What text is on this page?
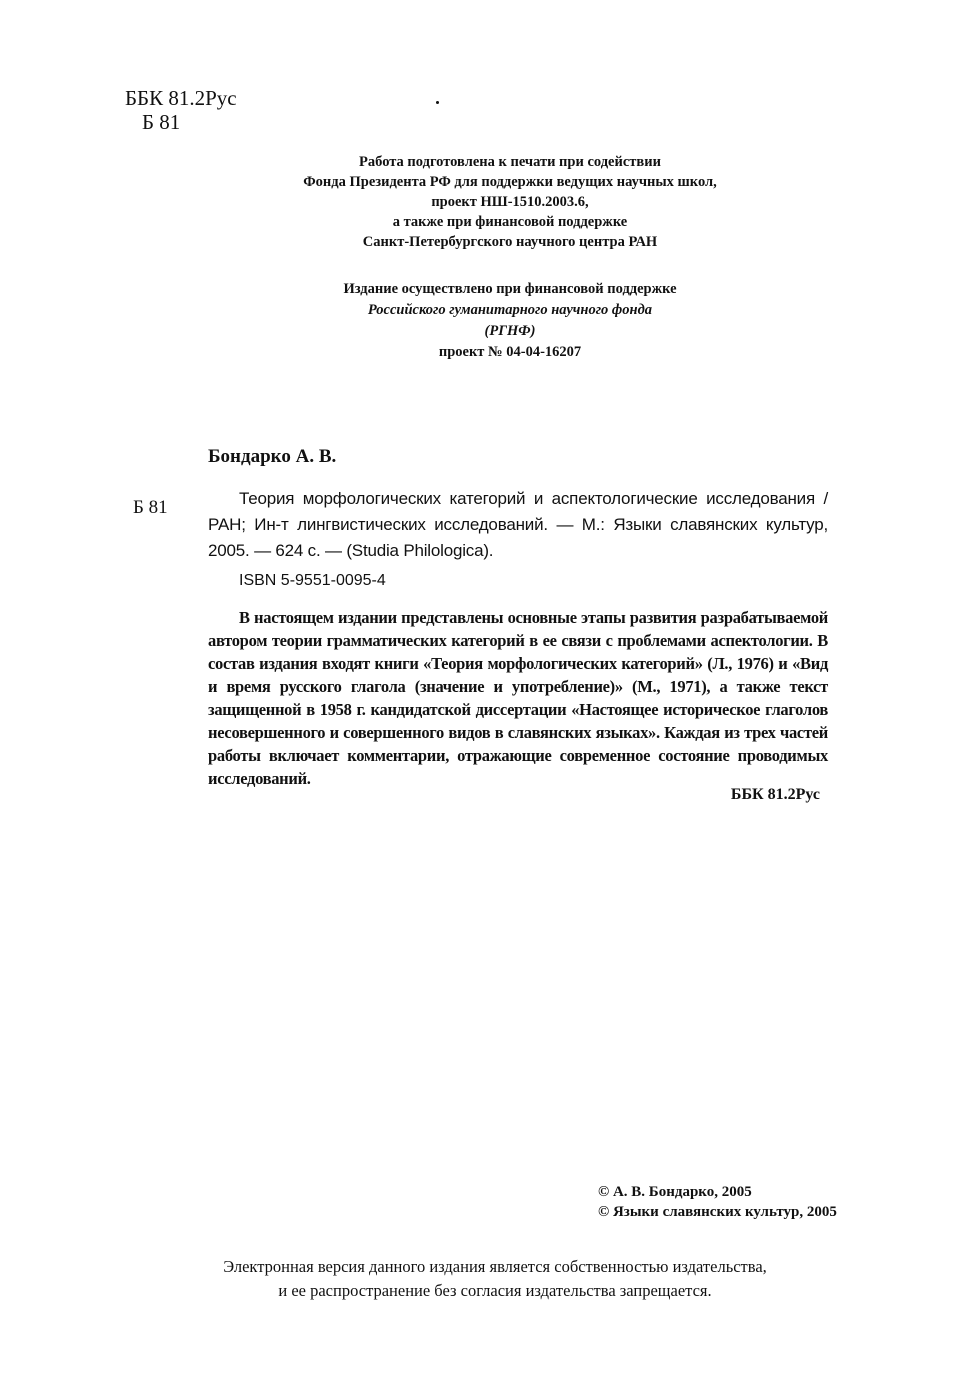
ББК 81.2Рус
Б 81
Работа подготовлена к печати при содействии
Фонда Президента РФ для поддержки ведущих научных школ,
проект НШ-1510.2003.6,
а также при финансовой поддержке
Санкт-Петербургского научного центра РАН
Издание осуществлено при финансовой поддержке
Российского гуманитарного научного фонда
(РГНФ)
проект № 04-04-16207
Бондарко А. В.
Б 81	Теория морфологических категорий и аспектологические исследования / РАН; Ин-т лингвистических исследований. — М.: Языки славянских культур, 2005. — 624 с. — (Studia Philologica).
ISBN 5-9551-0095-4
В настоящем издании представлены основные этапы развития разрабатываемой автором теории грамматических категорий в ее связи с проблемами аспектологии. В состав издания входят книги «Теория морфологических категорий» (Л., 1976) и «Вид и время русского глагола (значение и употребление)» (М., 1971), а также текст защищенной в 1958 г. кандидатской диссертации «Настоящее историческое глаголов несовершенного и совершенного видов в славянских языках». Каждая из трех частей работы включает комментарии, отражающие современное состояние проводимых исследований.
ББК 81.2Рус
© А. В. Бондарко, 2005
© Языки славянских культур, 2005
Электронная версия данного издания является собственностью издательства,
и ее распространение без согласия издательства запрещается.
